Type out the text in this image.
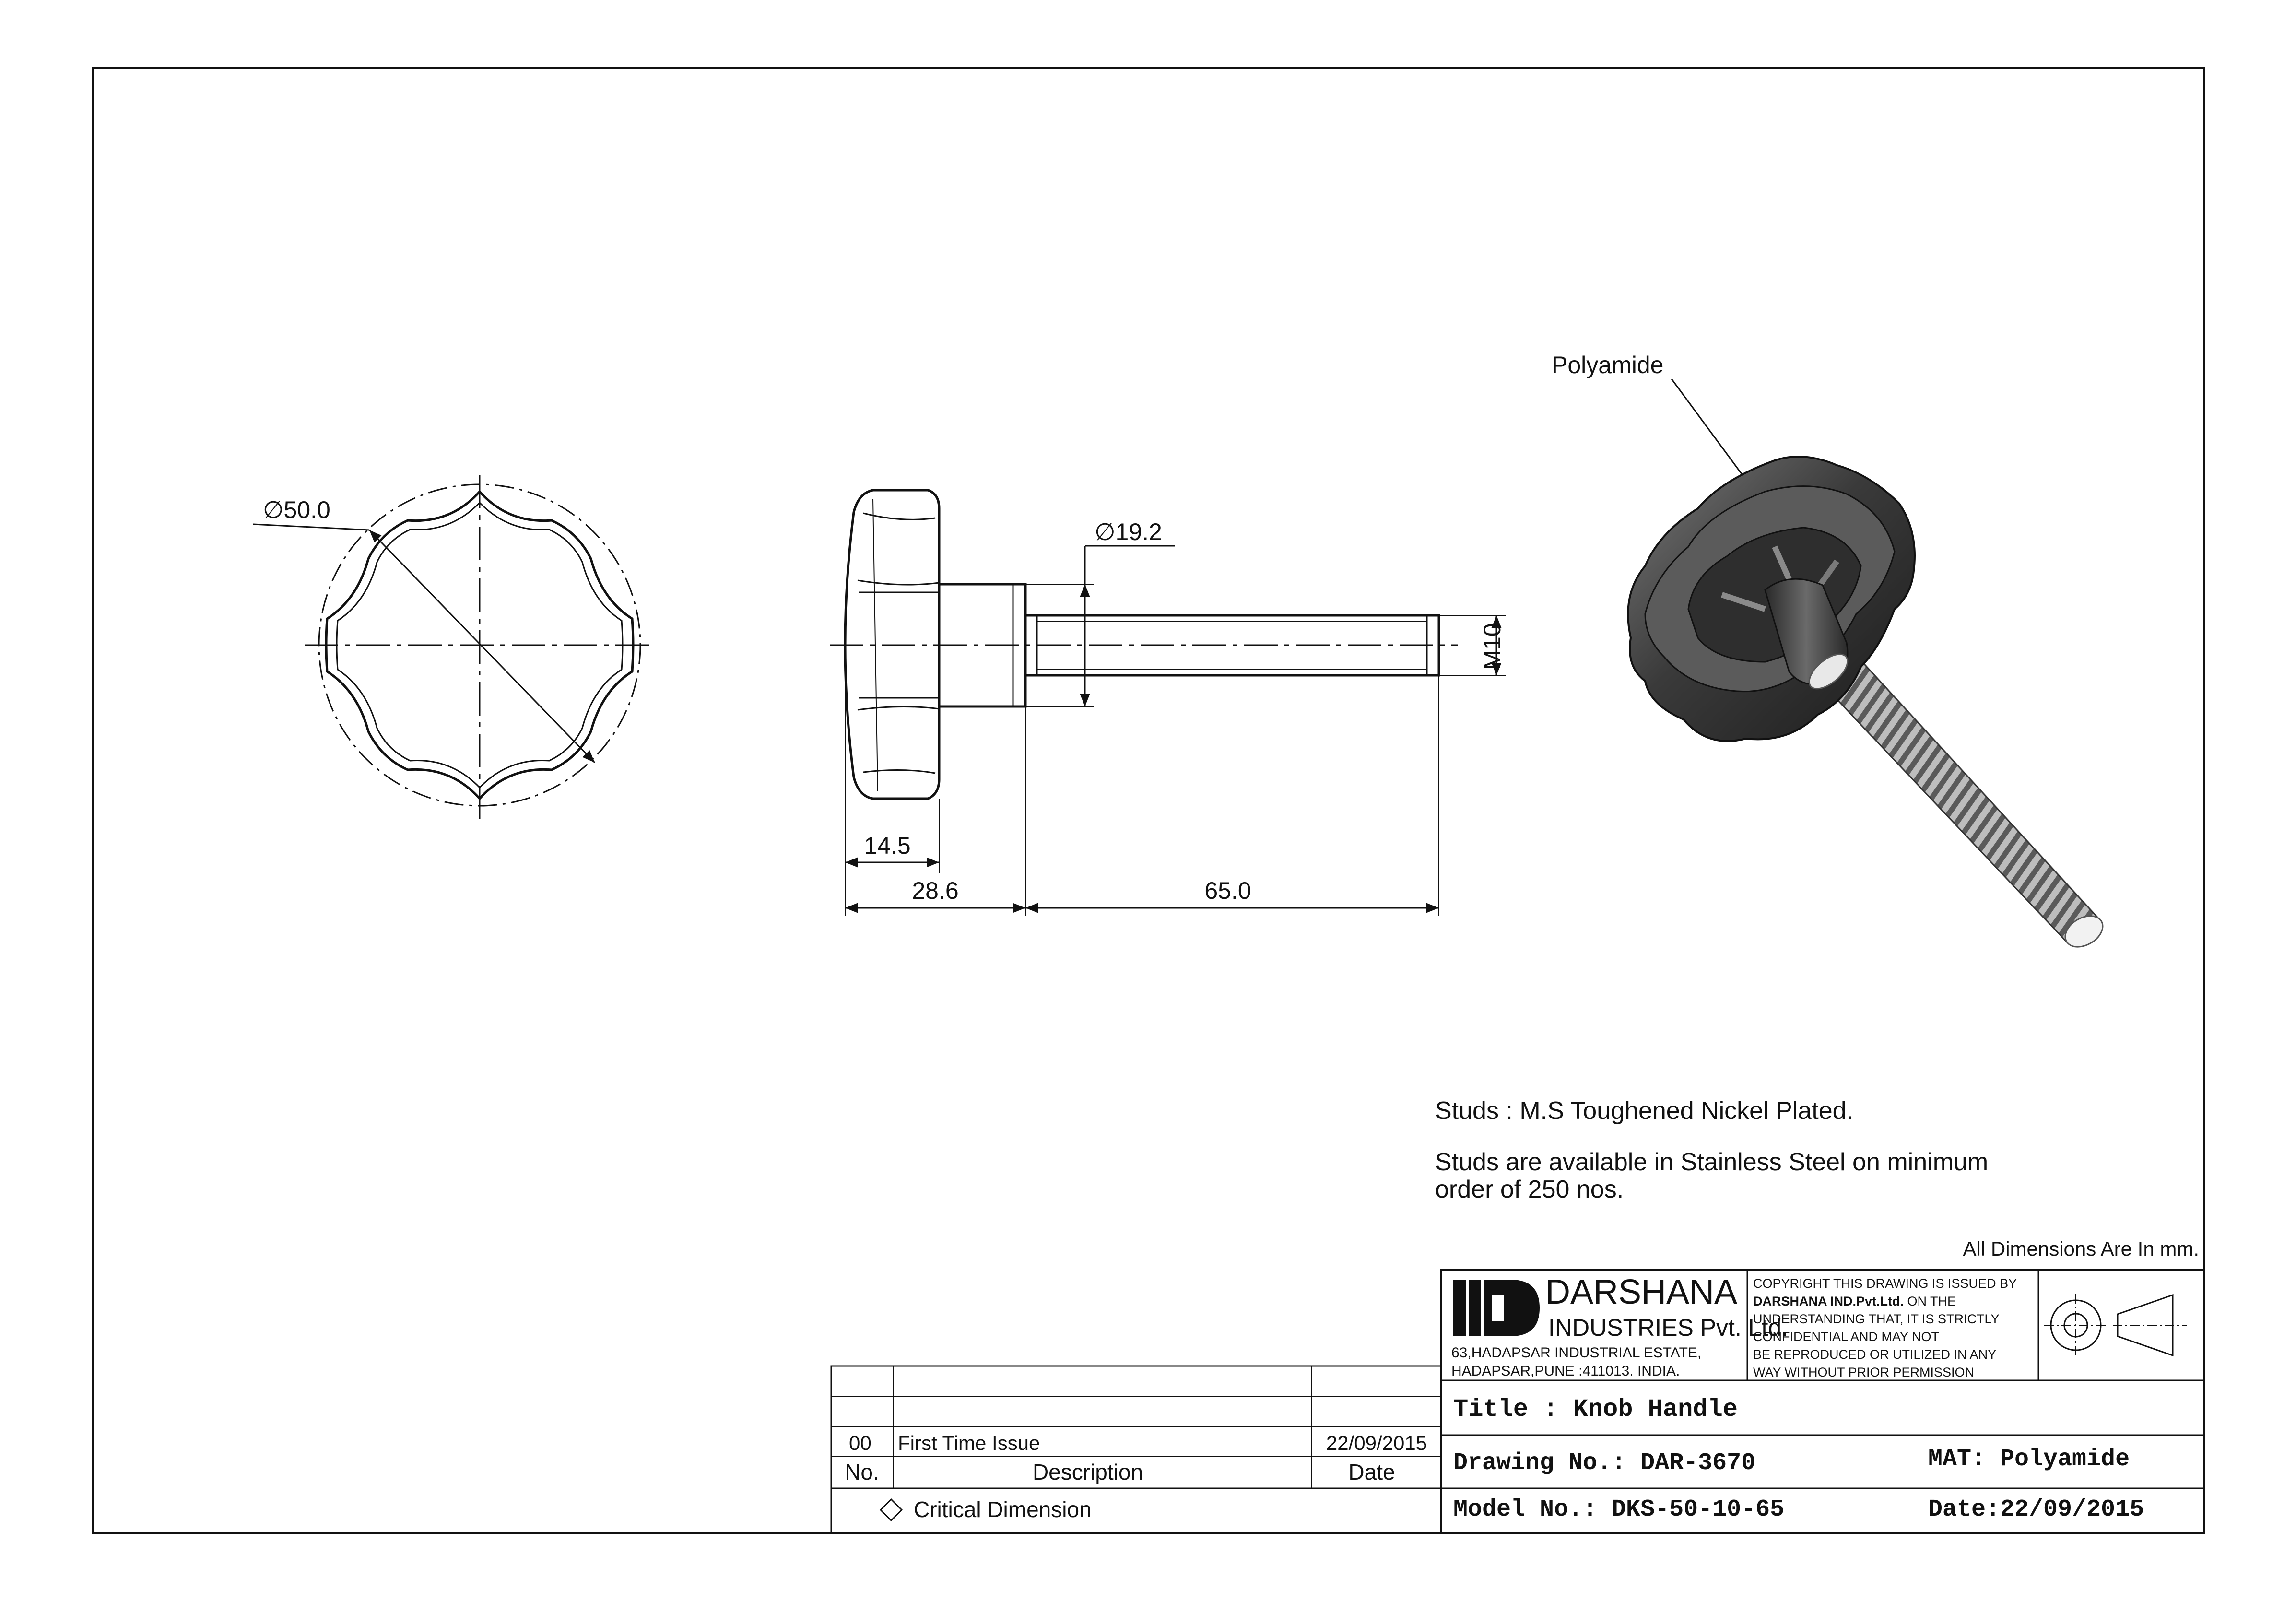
∅50.0
∅19.2
M10
14.5
28.6	65.0
Polyamide
Studs : M.S Toughened Nickel Plated.
Studs are available in Stainless Steel on minimum
order of 250 nos.
All Dimensions Are In mm.
DARSHANA
INDUSTRIES Pvt. Ltd.
63,HADAPSAR INDUSTRIAL ESTATE,
HADAPSAR,PUNE :411013. INDIA.
COPYRIGHT THIS DRAWING IS ISSUED BY
DARSHANA IND.Pvt.Ltd. ON THE
UNDERSTANDING THAT, IT IS STRICTLY
CONFIDENTIAL AND MAY NOT
BE REPRODUCED OR UTILIZED IN ANY
WAY WITHOUT PRIOR PERMISSION
Title : Knob Handle
Drawing No.: DAR-3670	MAT: Polyamide
Model No.: DKS-50-10-65	Date:22/09/2015
00 First Time Issue	22/09/2015
No.	Description	Date
Critical Dimension
